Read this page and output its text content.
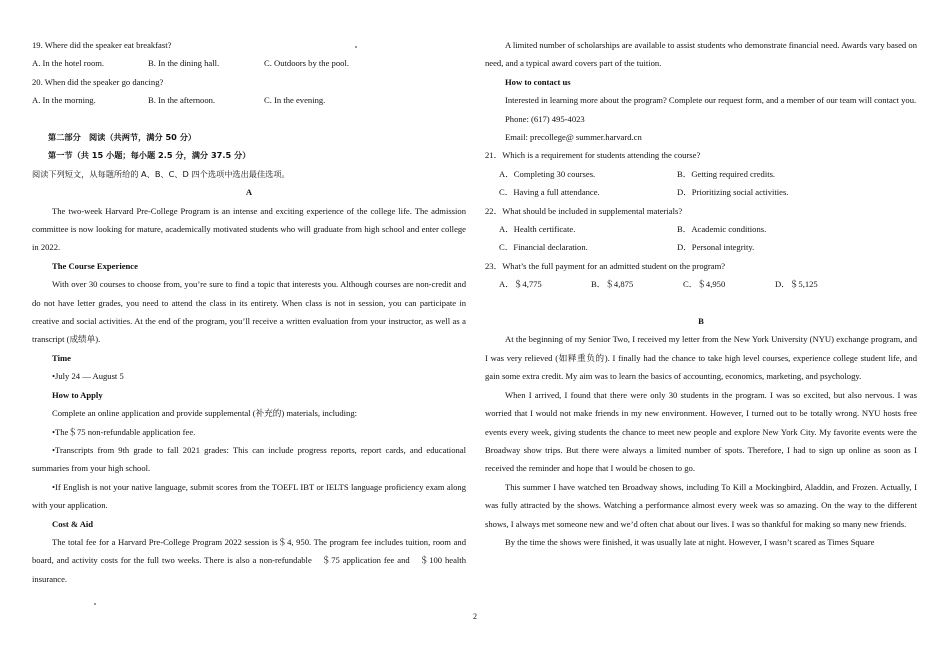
19. Where did the speaker eat breakfast?

A. In the hotel room.	B. In the dining hall.	C. Outdoors by the pool.

20. When did the speaker go dancing?

A. In the morning.	B. In the afternoon.	C. In the evening.

第二部分　阅读（共两节，满分 50 分）

第一节（共 15 小题；每小题 2.5 分，满分 37.5 分）

阅读下列短文，从每题所给的 A、B、C、D 四个选项中选出最佳选项。

A

The two-week Harvard Pre-College Program is an intense and exciting experience of the college life. The admission committee is now looking for mature, academically motivated students who will graduate from high school and enter college in 2022.

The Course Experience

With over 30 courses to choose from, you’re sure to find a topic that interests you. Although courses are non-credit and do not have letter grades, you need to attend the class in its entirety. When class is not in session, you can participate in creative and social activities. At the end of the program, you’ll receive a written evaluation from your instructor, as well as a transcript (成绩单).

Time

•July 24 — August 5

How to Apply

Complete an online application and provide supplemental (补充的) materials, including:

•The＄75 non-refundable application fee.

•Transcripts from 9th grade to fall 2021 grades: This can include progress reports, report cards, and educational summaries from your high school.

•If English is not your native language, submit scores from the TOEFL IBT or IELTS language proficiency exam along with your application.

Cost & Aid

The total fee for a Harvard Pre-College Program 2022 session is＄4, 950. The program fee includes tuition, room and board, and activity costs for the full two weeks. There is also a non-refundable　＄75 application fee and　＄100 health insurance.

A limited number of scholarships are available to assist students who demonstrate financial need. Awards vary based on need, and a typical award covers part of the tuition.

How to contact us

Interested in learning more about the program? Complete our request form, and a member of our team will contact you.

Phone: (617) 495-4023

Email: precollege@ summer.harvard.cn

21．Which is a requirement for students attending the course?

A．Completing 30 courses.	B．Getting required credits.
C．Having a full attendance.	D．Prioritizing social activities.

22．What should be included in supplemental materials?

A．Health certificate.	B．Academic conditions.
C．Financial declaration.	D．Personal integrity.

23．What’s the full payment for an admitted student on the program?

A．＄4,775	B．＄4,875	C．＄4,950	D．＄5,125

B

At the beginning of my Senior Two, I received my letter from the New York University (NYU) exchange program, and I was very relieved (如释重负的). I finally had the chance to take high level courses, experience college student life, and gain some extra credit. My aim was to learn the basics of accounting, economics, marketing, and psychology.

When I arrived, I found that there were only 30 students in the program. I was so excited, but also nervous. I was worried that I would not make friends in my new environment. However, I turned out to be totally wrong. NYU hosts free events every week, giving students the chance to meet new people and explore New York City. My favorite events were the Broadway show trips. But there were always a limited number of spots. Therefore, I had to sign up online as soon as I received the reminder and hope that I would be chosen to go.

This summer I have watched ten Broadway shows, including To Kill a Mockingbird, Aladdin, and Frozen. Actually, I was fully attracted by the shows. Watching a performance almost every week was so amazing. On the way to the different shows, I always met someone new and we’d often chat about our lives. I was so thankful for making so many new friends.

By the time the shows were finished, it was usually late at night. However, I wasn’t scared as Times Square

2
